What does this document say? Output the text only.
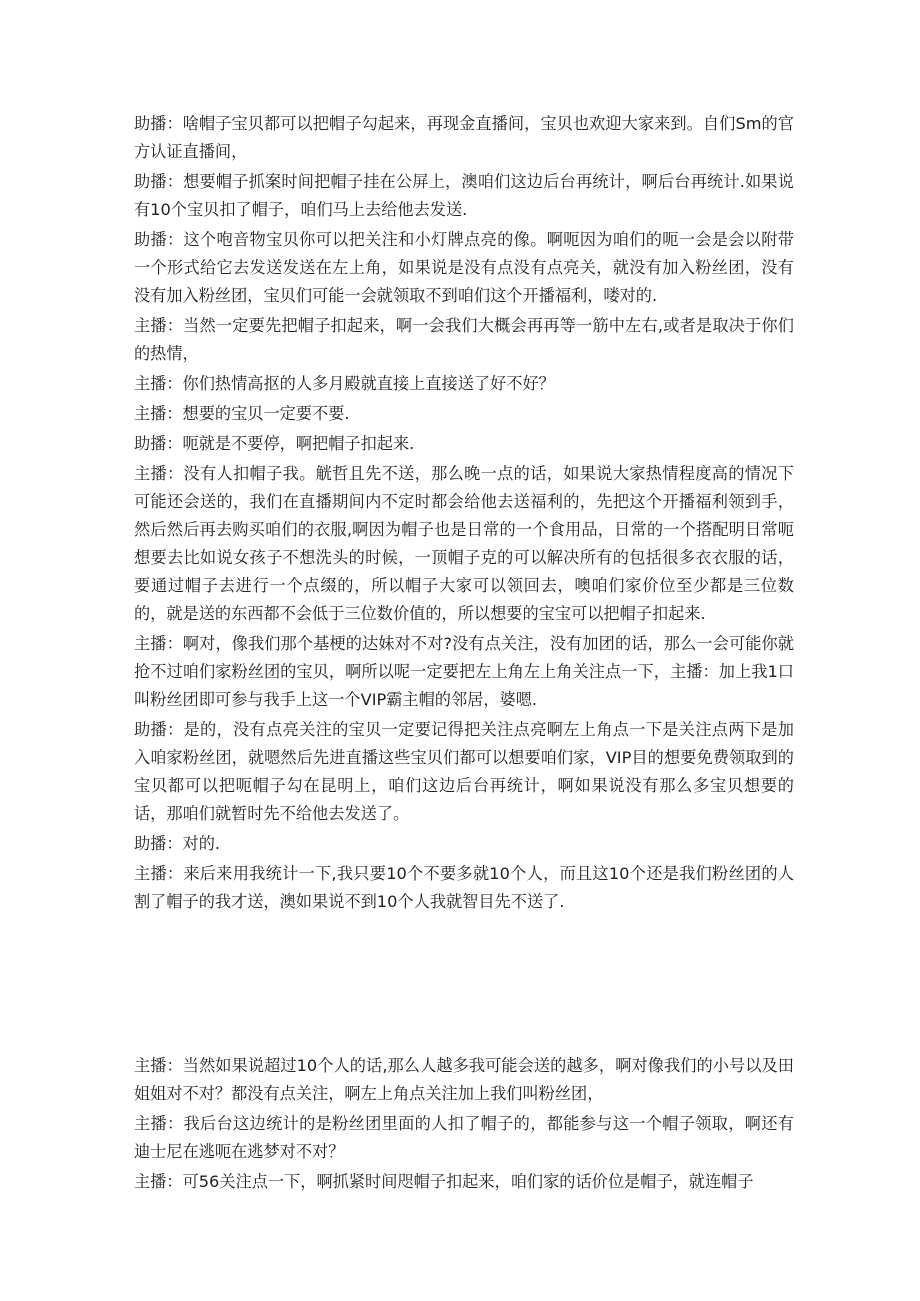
助播：啥帽子宝贝都可以把帽子勾起来，再现金直播间，宝贝也欢迎大家来到。自们Sm的官方认证直播间，

助播：想要帽子抓案时间把帽子挂在公屏上，澳咱们这边后台再统计，啊后台再统计.如果说有10个宝贝扣了帽子，咱们马上去给他去发送.

助播：这个咆音物宝贝你可以把关注和小灯牌点亮的像。啊呃因为咱们的呃一会是会以附带一个形式给它去发送发送在左上角，如果说是没有点没有点亮关，就没有加入粉丝团，没有没有加入粉丝团，宝贝们可能一会就领取不到咱们这个开播福利，喽对的.

主播：当然一定要先把帽子扣起来，啊一会我们大概会再再等一筋中左右,或者是取决于你们的热情，

主播：你们热情高抠的人多月殿就直接上直接送了好不好？

主播：想要的宝贝一定要不要.

助播：呃就是不要停，啊把帽子扣起来.

主播：没有人扣帽子我。觥哲且先不送，那么晚一点的话，如果说大家热情程度高的情况下可能还会送的，我们在直播期间内不定时都会给他去送福利的，先把这个开播福利领到手，然后然后再去购买咱们的衣服,啊因为帽子也是日常的一个食用品，日常的一个搭配明日常呃想要去比如说女孩子不想洗头的时候，一顶帽子克的可以解决所有的包括很多衣衣服的话，要通过帽子去进行一个点缀的，所以帽子大家可以领回去，噢咱们家价位至少都是三位数的，就是送的东西都不会低于三位数价值的，所以想要的宝宝可以把帽子扣起来.

主播：啊对，像我们那个基梗的达妹对不对?没有点关注，没有加团的话，那么一会可能你就抢不过咱们家粉丝团的宝贝，啊所以呢一定要把左上角左上角关注点一下，主播：加上我1口叫粉丝团即可参与我手上这一个VIP霸主帽的邻居，婆嗯.

助播：是的，没有点亮关注的宝贝一定要记得把关注点亮啊左上角点一下是关注点两下是加入咱家粉丝团，就嗯然后先进直播这些宝贝们都可以想要咱们家，VIP目的想要免费领取到的宝贝都可以把呃帽子勾在昆明上，咱们这边后台再统计，啊如果说没有那么多宝贝想要的话，那咱们就暂时先不给他去发送了。

助播：对的.

主播：来后来用我统计一下,我只要10个不要多就10个人，而且这10个还是我们粉丝团的人割了帽子的我才送，澳如果说不到10个人我就智目先不送了.

主播：当然如果说超过10个人的话,那么人越多我可能会送的越多，啊对像我们的小号以及田姐姐对不对？都没有点关注，啊左上角点关注加上我们叫粉丝团，

主播：我后台这边统计的是粉丝团里面的人扣了帽子的，都能参与这一个帽子领取，啊还有迪士尼在逃呃在逃梦对不对？

主播：可56关注点一下，啊抓紧时间咫帽子扣起来，咱们家的话价位是帽子，就连帽子
